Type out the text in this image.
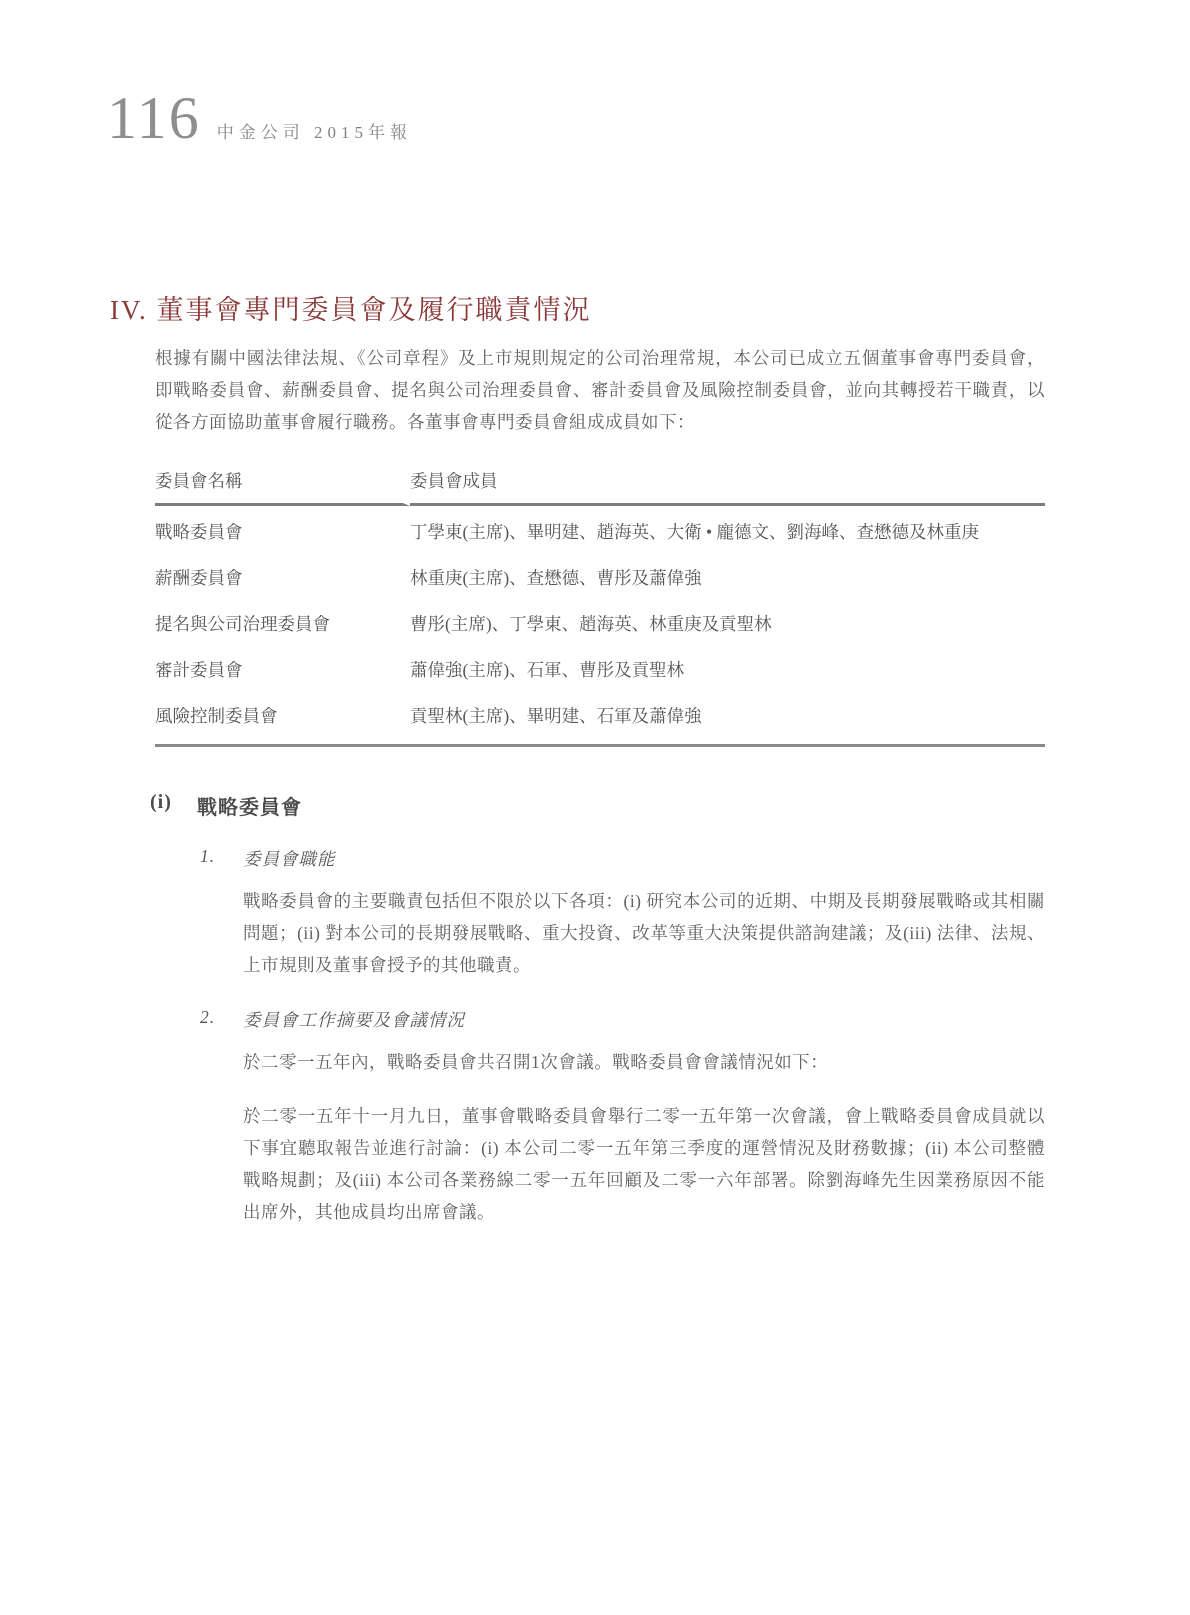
116 中金公司 2015年報
IV. 董事會專門委員會及履行職責情況

根據有關中國法律法規、《公司章程》及上市規則規定的公司治理常規，本公司已成立五個董事會專門委員會，即戰略委員會、薪酬委員會、提名與公司治理委員會、審計委員會及風險控制委員會，並向其轉授若干職責，以從各方面協助董事會履行職務。各董事會專門委員會組成成員如下：

委員會名稱	委員會成員
戰略委員會	丁學東(主席)、畢明建、趙海英、大衛 • 龐德文、劉海峰、查懋德及林重庚
薪酬委員會	林重庚(主席)、查懋德、曹彤及蕭偉強
提名與公司治理委員會	曹彤(主席)、丁學東、趙海英、林重庚及貢聖林
審計委員會	蕭偉強(主席)、石軍、曹彤及貢聖林
風險控制委員會	貢聖林(主席)、畢明建、石軍及蕭偉強
(i)	戰略委員會
1.	委員會職能

戰略委員會的主要職責包括但不限於以下各項：(i) 研究本公司的近期、中期及長期發展戰略或其相關問題；(ii) 對本公司的長期發展戰略、重大投資、改革等重大決策提供諮詢建議；及(iii) 法律、法規、上市規則及董事會授予的其他職責。

2.	委員會工作摘要及會議情況

於二零一五年內，戰略委員會共召開1次會議。戰略委員會會議情況如下：

於二零一五年十一月九日，董事會戰略委員會舉行二零一五年第一次會議，會上戰略委員會成員就以下事宜聽取報告並進行討論：(i) 本公司二零一五年第三季度的運營情況及財務數據；(ii) 本公司整體戰略規劃；及(iii) 本公司各業務線二零一五年回顧及二零一六年部署。除劉海峰先生因業務原因不能出席外，其他成員均出席會議。
